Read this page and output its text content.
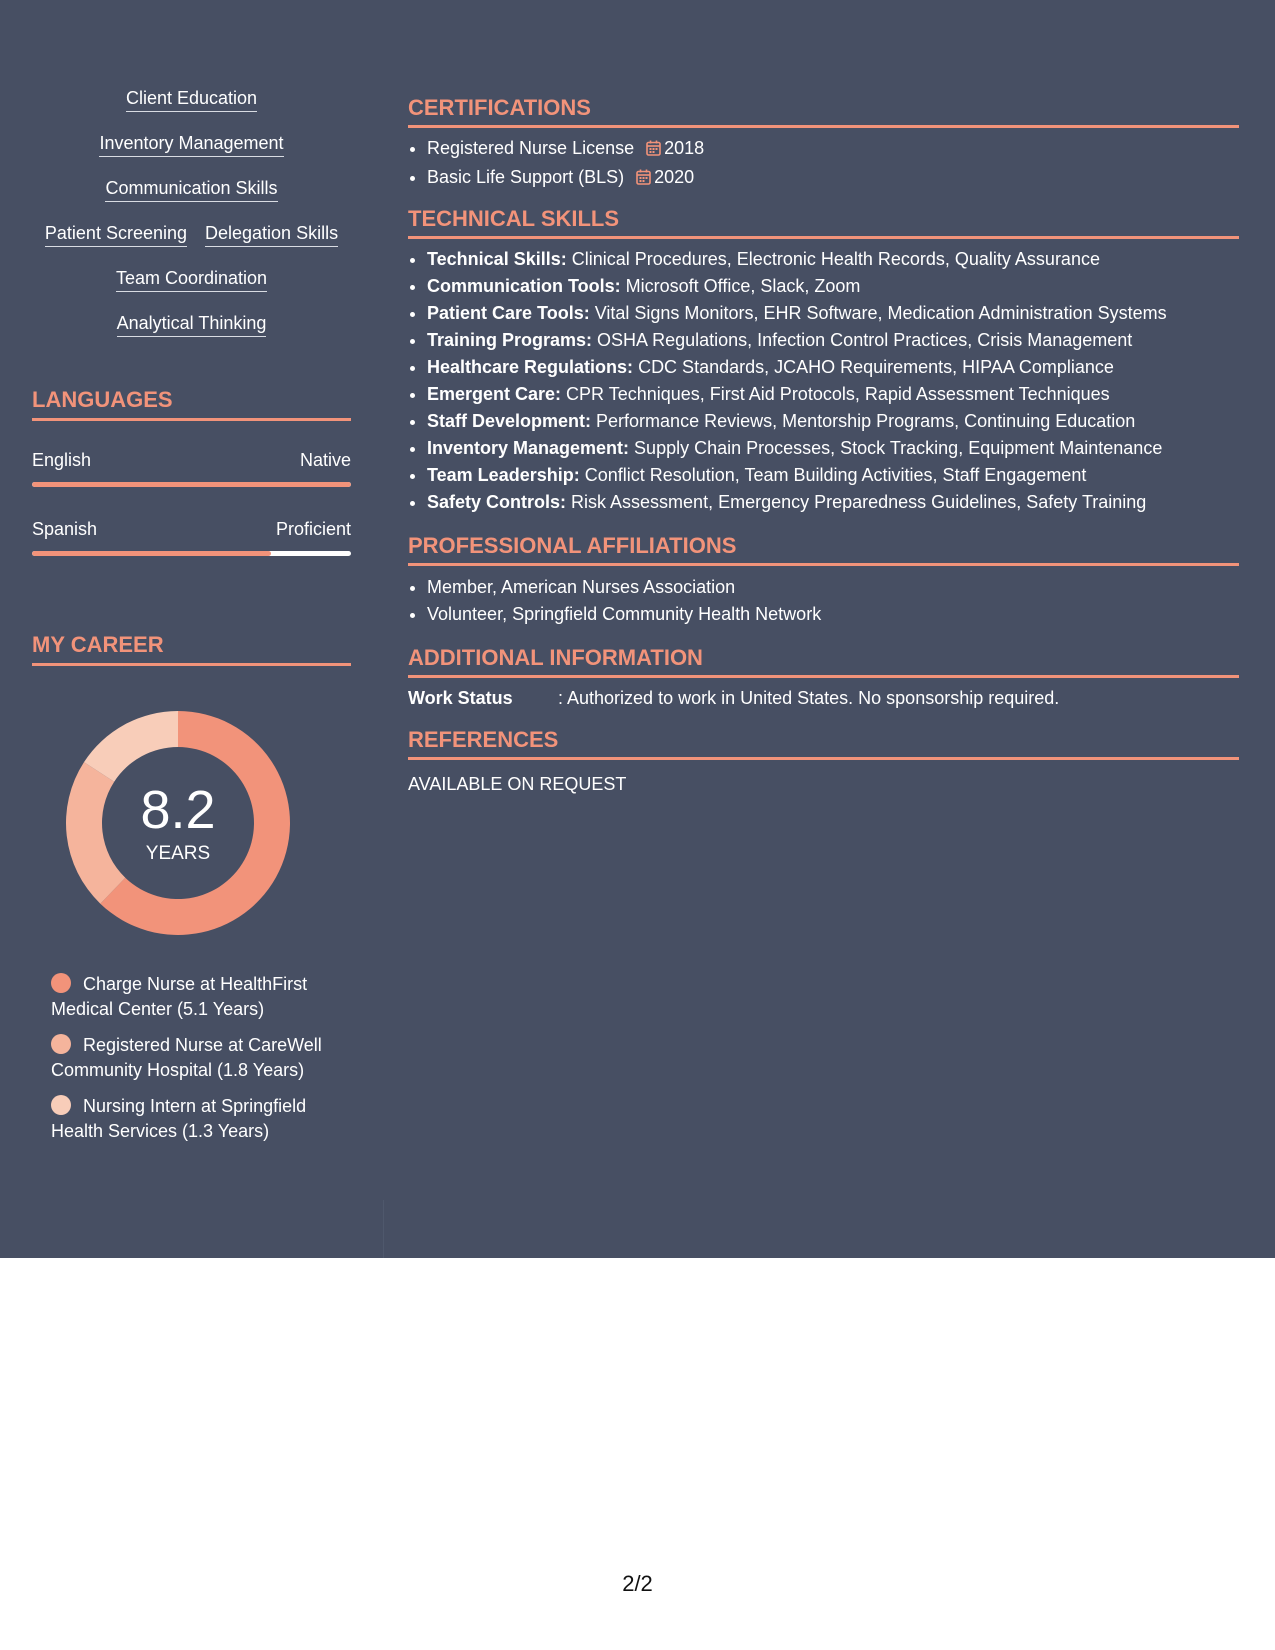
Client Education
Inventory Management
Communication Skills
Patient Screening Delegation Skills
Team Coordination
Analytical Thinking
LANGUAGES
English	Native
Spanish	Proficient
MY CAREER
8.2
YEARS
Charge Nurse at HealthFirst Medical Center (5.1 Years)
Registered Nurse at CareWell Community Hospital (1.8 Years)
Nursing Intern at Springfield Health Services (1.3 Years)
CERTIFICATIONS
• Registered Nurse License 2018
• Basic Life Support (BLS) 2020
TECHNICAL SKILLS
• Technical Skills: Clinical Procedures, Electronic Health Records, Quality Assurance
• Communication Tools: Microsoft Office, Slack, Zoom
• Patient Care Tools: Vital Signs Monitors, EHR Software, Medication Administration Systems
• Training Programs: OSHA Regulations, Infection Control Practices, Crisis Management
• Healthcare Regulations: CDC Standards, JCAHO Requirements, HIPAA Compliance
• Emergent Care: CPR Techniques, First Aid Protocols, Rapid Assessment Techniques
• Staff Development: Performance Reviews, Mentorship Programs, Continuing Education
• Inventory Management: Supply Chain Processes, Stock Tracking, Equipment Maintenance
• Team Leadership: Conflict Resolution, Team Building Activities, Staff Engagement
• Safety Controls: Risk Assessment, Emergency Preparedness Guidelines, Safety Training
PROFESSIONAL AFFILIATIONS
• Member, American Nurses Association
• Volunteer, Springfield Community Health Network
ADDITIONAL INFORMATION
Work Status	: Authorized to work in United States. No sponsorship required.
REFERENCES
AVAILABLE ON REQUEST
2/2
